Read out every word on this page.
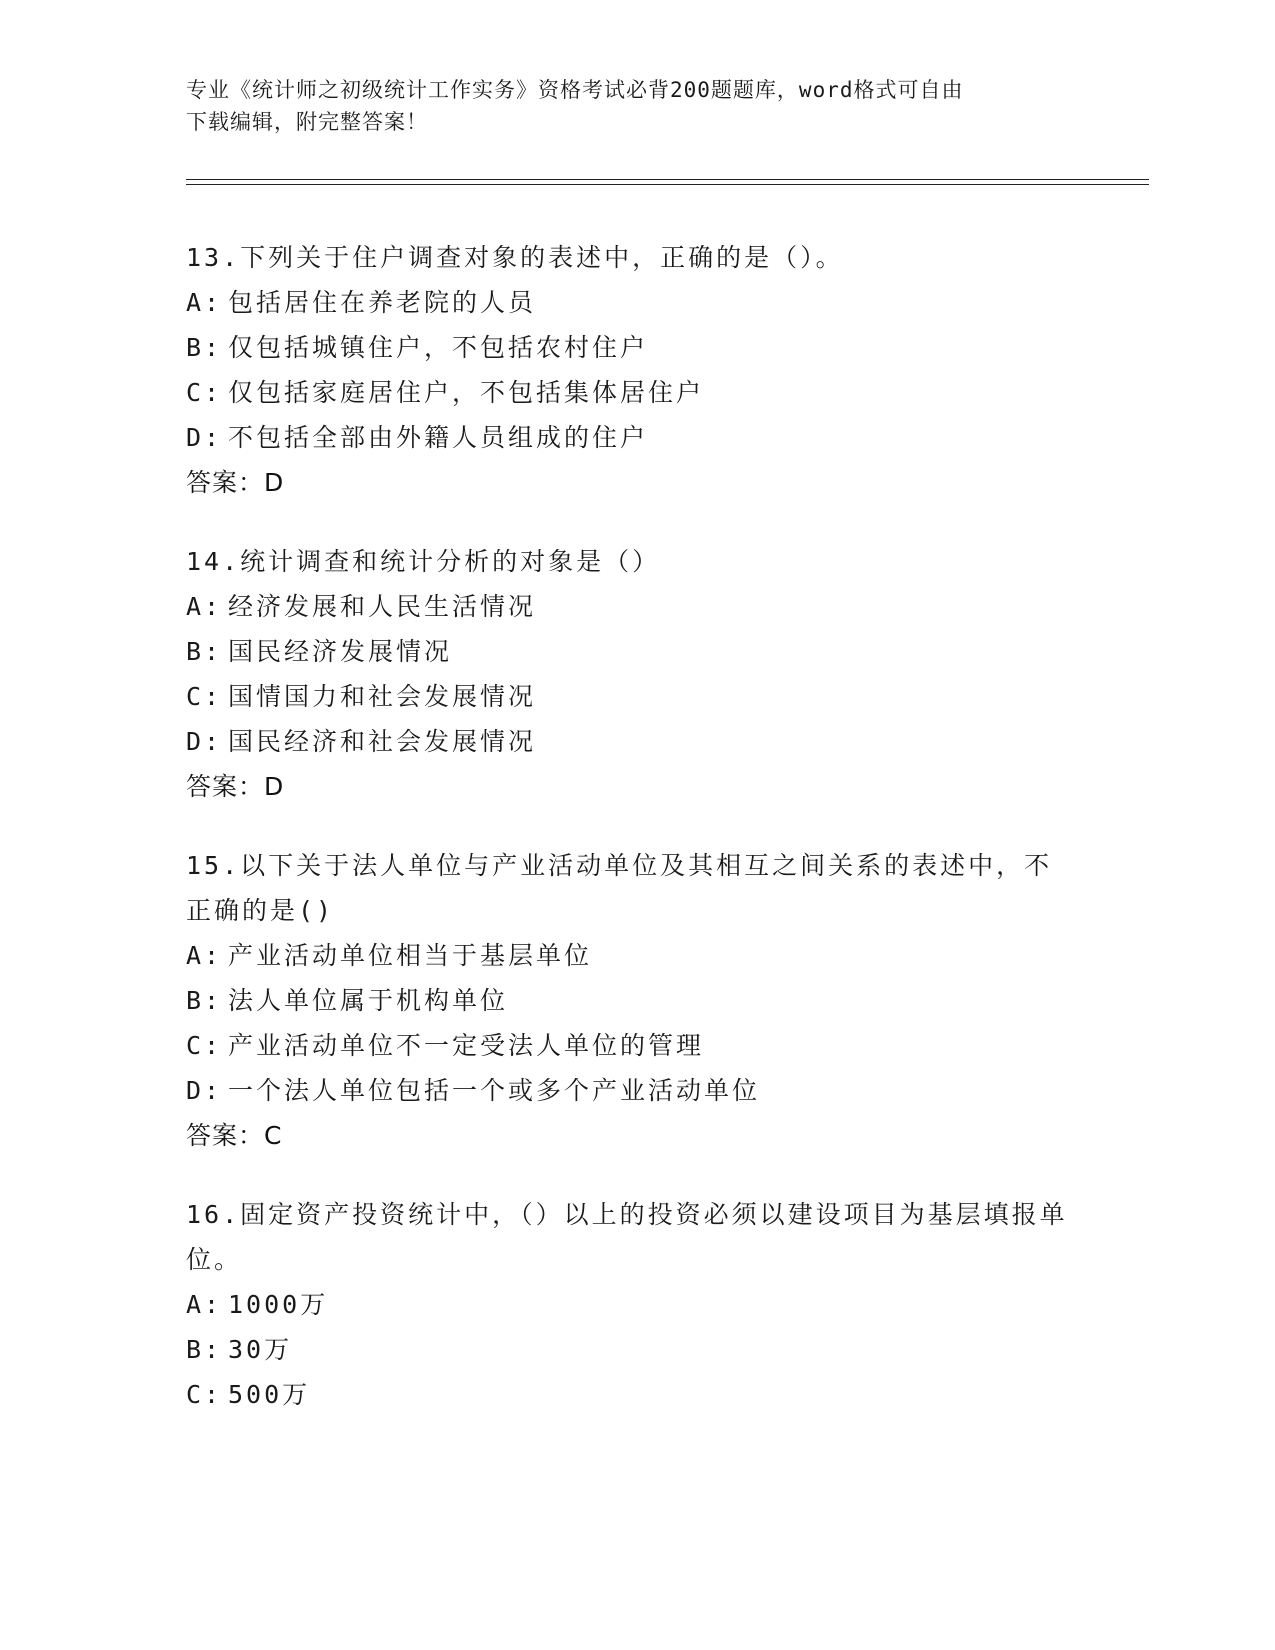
专业《统计师之初级统计工作实务》资格考试必背200题题库，word格式可自由
下载编辑，附完整答案！
13.下列关于住户调查对象的表述中，正确的是（）。
A: 包括居住在养老院的人员
B: 仅包括城镇住户，不包括农村住户
C: 仅包括家庭居住户，不包括集体居住户
D: 不包括全部由外籍人员组成的住户
答案：D
14.统计调查和统计分析的对象是（）
A: 经济发展和人民生活情况
B: 国民经济发展情况
C: 国情国力和社会发展情况
D: 国民经济和社会发展情况
答案：D
15.以下关于法人单位与产业活动单位及其相互之间关系的表述中，不正确的是()
A: 产业活动单位相当于基层单位
B: 法人单位属于机构单位
C: 产业活动单位不一定受法人单位的管理
D: 一个法人单位包括一个或多个产业活动单位
答案：C
16.固定资产投资统计中，（）以上的投资必须以建设项目为基层填报单位。
A: 1000万
B: 30万
C: 500万
